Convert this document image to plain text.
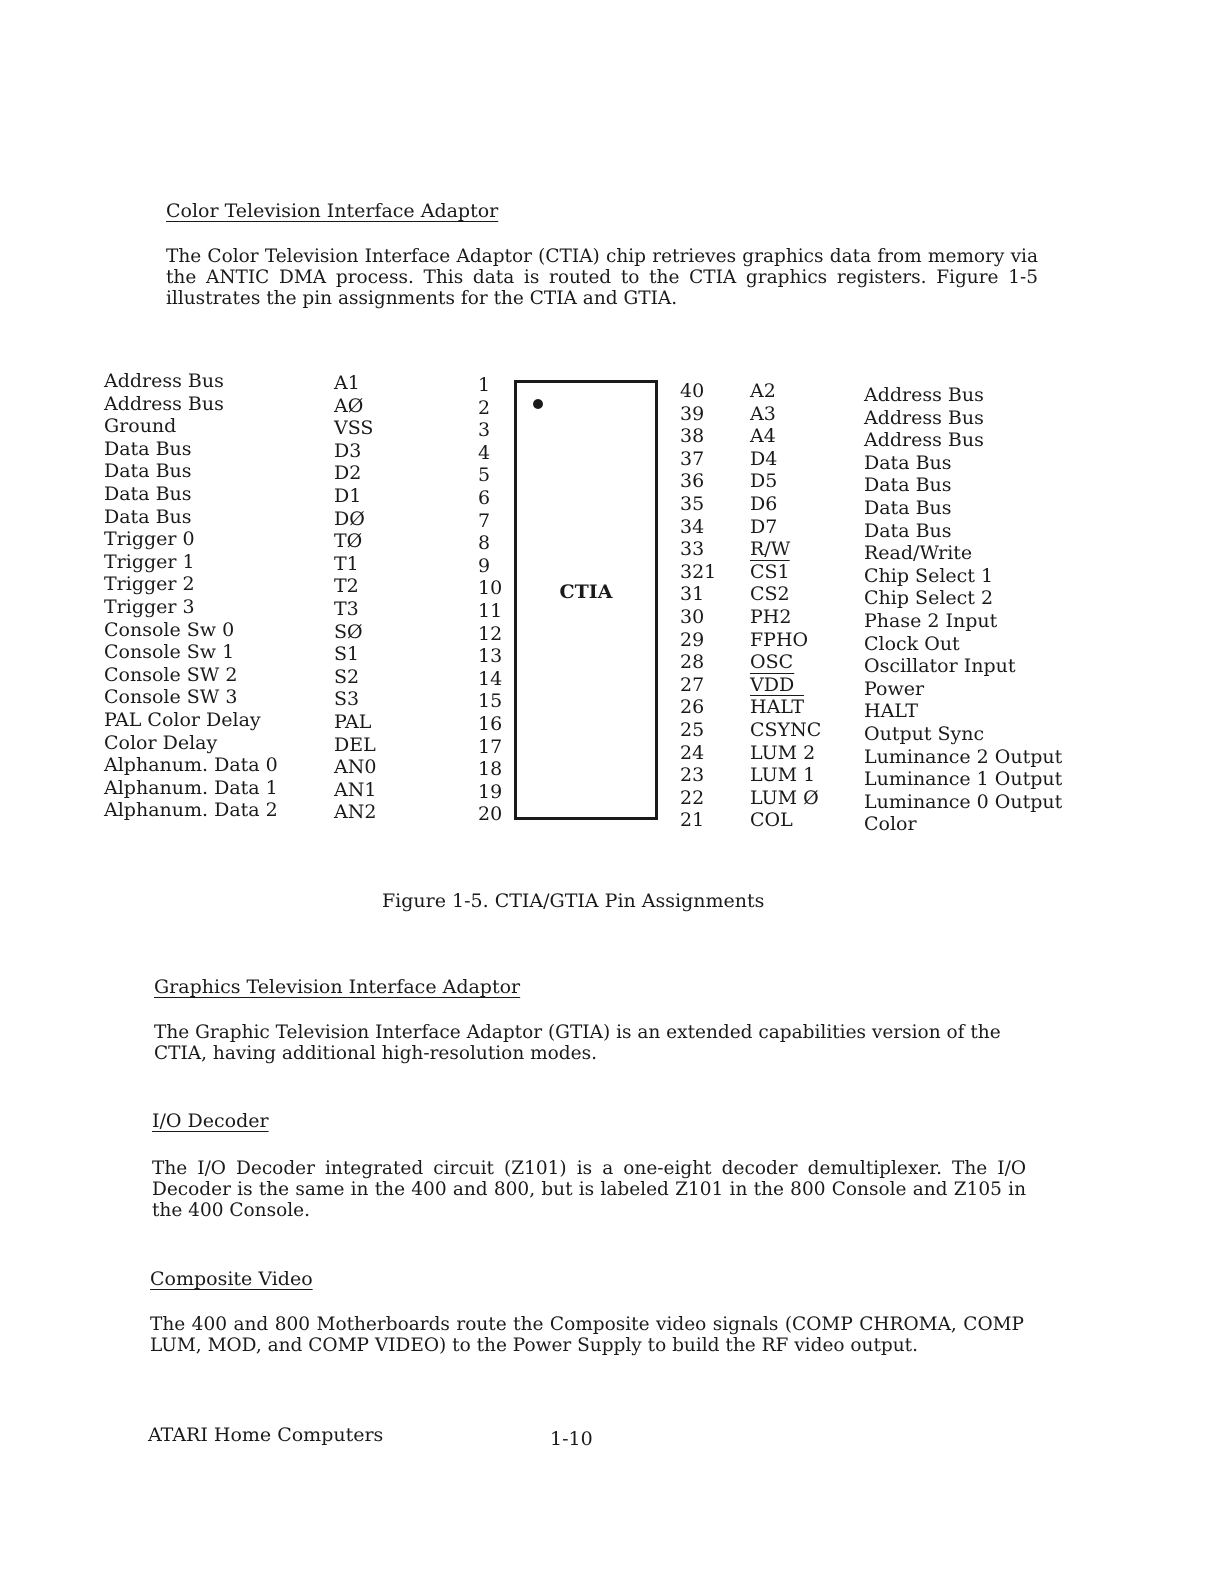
Color Television Interface Adaptor
The Color Television Interface Adaptor (CTIA) chip retrieves graphics data from memory via the ANTIC DMA process. This data is routed to the CTIA graphics registers. Figure 1-5 illustrates the pin assignments for the CTIA and GTIA.
Address Bus
Address Bus
Ground
Data Bus
Data Bus
Data Bus
Data Bus
Trigger 0
Trigger 1
Trigger 2
Trigger 3
Console Sw 0
Console Sw 1
Console SW 2
Console SW 3
PAL Color Delay
Color Delay
Alphanum. Data 0
Alphanum. Data 1
Alphanum. Data 2
A1
AØ
VSS
D3
D2
D1
DØ
TØ
T1
T2
T3
SØ
S1
S2
S3
PAL
DEL
AN0
AN1
AN2
1
2
3
4
5
6
7
8
9
10
11
12
13
14
15
16
17
18
19
20
CTIA
40
39
38
37
36
35
34
33
321
31
30
29
28
27
26
25
24
23
22
21
A2
A3
A4
D4
D5
D6
D7
R/W
CS1
CS2
PH2
FPHO
OSC
$\overline{VDD}$
HALT
CSYNC
LUM 2
LUM 1
LUM Ø
COL
Address Bus
Address Bus
Address Bus
Data Bus
Data Bus
Data Bus
Data Bus
Read/Write
Chip Select 1
Chip Select 2
Phase 2 Input
Clock Out
Oscillator Input
Power
HALT
Output Sync
Luminance 2 Output
Luminance 1 Output
Luminance 0 Output
Color
Figure 1-5. CTIA/GTIA Pin Assignments
Graphics Television Interface Adaptor
The Graphic Television Interface Adaptor (GTIA) is an extended capabilities version of the CTIA, having additional high-resolution modes.
I/O Decoder
The I/O Decoder integrated circuit (Z101) is a one-eight decoder demultiplexer. The I/O Decoder is the same in the 400 and 800, but is labeled Z101 in the 800 Console and Z105 in the 400 Console.
Composite Video
The 400 and 800 Motherboards route the Composite video signals (COMP CHROMA, COMP LUM, MOD, and COMP VIDEO) to the Power Supply to build the RF video output.
ATARI Home Computers	1-10
